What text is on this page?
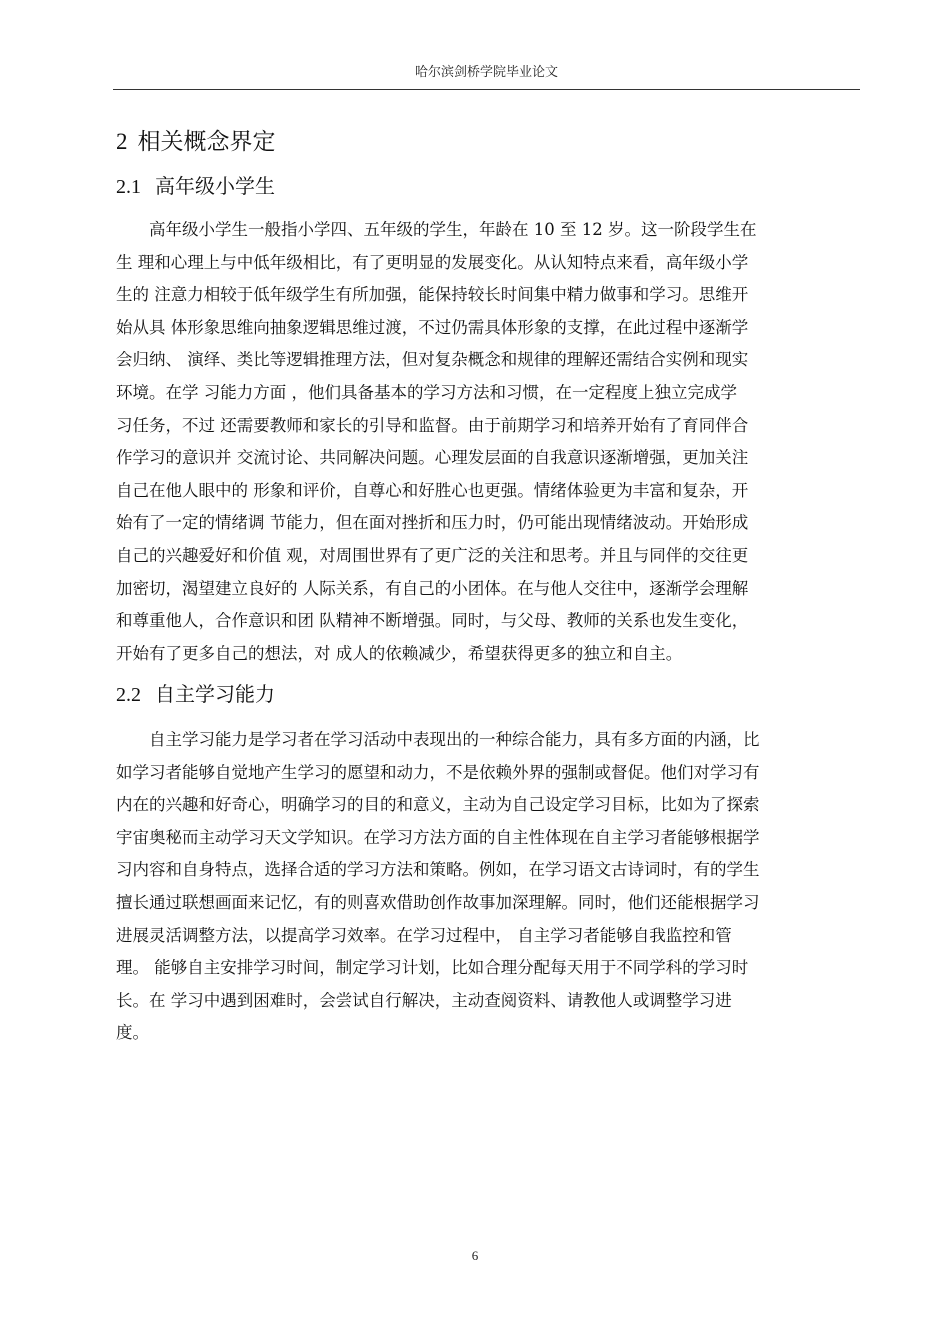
哈尔滨剑桥学院毕业论文
2 相关概念界定
2.1 高年级小学生
　　高年级小学生一般指小学四、五年级的学生，年龄在 10 至 12 岁。这一阶段学生在
生 理和心理上与中低年级相比，有了更明显的发展变化。从认知特点来看，高年级小学
生的 注意力相较于低年级学生有所加强，能保持较长时间集中精力做事和学习。思维开
始从具 体形象思维向抽象逻辑思维过渡，不过仍需具体形象的支撑，在此过程中逐渐学
会归纳、 演绎、类比等逻辑推理方法，但对复杂概念和规律的理解还需结合实例和现实
环境。在学 习能力方面 ，他们具备基本的学习方法和习惯，在一定程度上独立完成学
习任务，不过 还需要教师和家长的引导和监督。由于前期学习和培养开始有了育同伴合
作学习的意识并 交流讨论、共同解决问题。心理发层面的自我意识逐渐增强，更加关注
自己在他人眼中的 形象和评价，自尊心和好胜心也更强。情绪体验更为丰富和复杂，开
始有了一定的情绪调 节能力，但在面对挫折和压力时，仍可能出现情绪波动。开始形成
自己的兴趣爱好和价值 观，对周围世界有了更广泛的关注和思考。并且与同伴的交往更
加密切，渴望建立良好的 人际关系，有自己的小团体。在与他人交往中，逐渐学会理解
和尊重他人，合作意识和团 队精神不断增强。同时，与父母、教师的关系也发生变化，
开始有了更多自己的想法，对 成人的依赖减少，希望获得更多的独立和自主。
2.2 自主学习能力
　　自主学习能力是学习者在学习活动中表现出的一种综合能力，具有多方面的内涵，比
如学习者能够自觉地产生学习的愿望和动力，不是依赖外界的强制或督促。他们对学习有
内在的兴趣和好奇心，明确学习的目的和意义，主动为自己设定学习目标，比如为了探索
宇宙奥秘而主动学习天文学知识。在学习方法方面的自主性体现在自主学习者能够根据学
习内容和自身特点，选择合适的学习方法和策略。例如，在学习语文古诗词时，有的学生
擅长通过联想画面来记忆，有的则喜欢借助创作故事加深理解。同时，他们还能根据学习
进展灵活调整方法，以提高学习效率。在学习过程中， 自主学习者能够自我监控和管
理。 能够自主安排学习时间，制定学习计划，比如合理分配每天用于不同学科的学习时
长。在 学习中遇到困难时，会尝试自行解决，主动查阅资料、请教他人或调整学习进
度。
6
